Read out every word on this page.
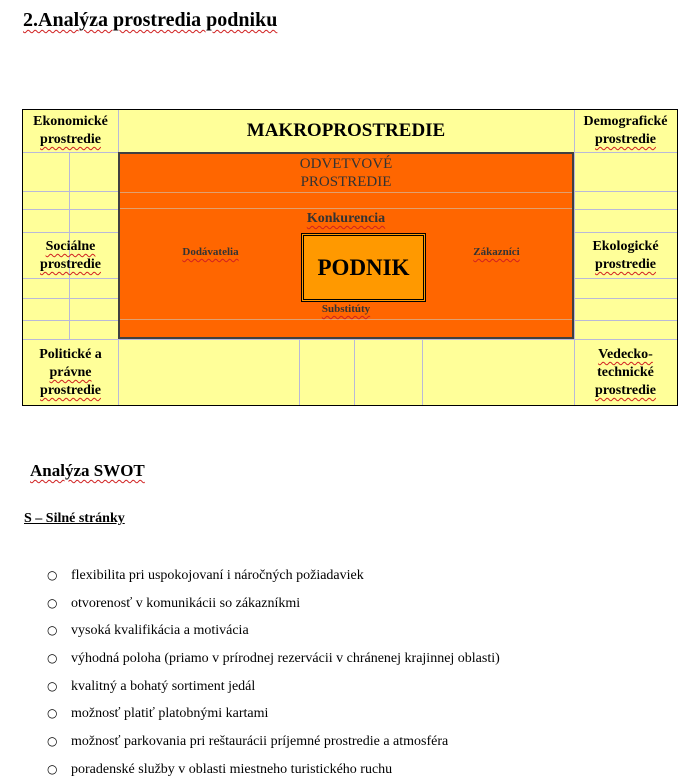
2.Analýza prostredia podniku
Ekonomické
prostredie	MAKROPROSTREDIE	Demografické
prostredie
Sociálne
prostredie
Ekologické
prostredie
Politické a
právne
prostredie
Vedecko-
technické
prostredie
ODVETVOVÉ
PROSTREDIE
Konkurencia
Dodávatelia	Zákazníci
PODNIK
Substitúty
Analýza SWOT
S – Silné stránky
○ flexibilita pri uspokojovaní i náročných požiadaviek
○ otvorenosť v komunikácii so zákazníkmi
○ vysoká kvalifikácia a motivácia
○ výhodná poloha (priamo v prírodnej rezervácii v chránenej krajinnej oblasti)
○ kvalitný a bohatý sortiment jedál
○ možnosť platiť platobnými kartami
○ možnosť parkovania pri reštaurácii príjemné prostredie a atmosféra
○ poradenské služby v oblasti miestneho turistického ruchu
